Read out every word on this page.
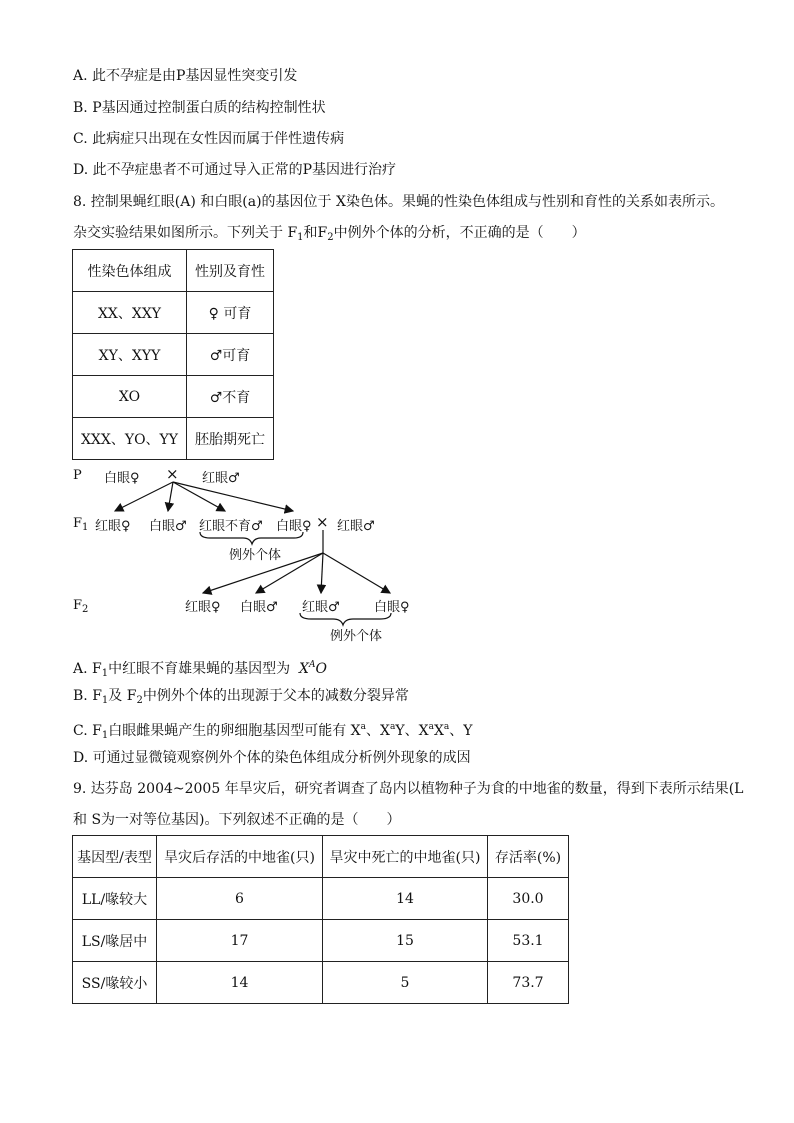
A. 此不孕症是由P基因显性突变引发
B. P基因通过控制蛋白质的结构控制性状
C. 此病症只出现在女性因而属于伴性遗传病
D. 此不孕症患者不可通过导入正常的P基因进行治疗
8. 控制果蝇红眼(A) 和白眼(a)的基因位于 X染色体。果蝇的性染色体组成与性别和育性的关系如表所示。
杂交实验结果如图所示。下列关于 $F_1$和$F_2$中例外个体的分析，不正确的是（　　）
性染色体组成	性别及育性
XX、XXY	♀ 可育
XY、XYY	♂可育
XO	♂不育
XXX、YO、YY	胚胎期死亡
P 白眼♀ × 红眼♂
$F_1$ 红眼♀ 白眼♂ 红眼不育♂ 白眼♀ × 红眼♂
例外个体
$F_2$	红眼♀ 白眼♂ 红眼♂	白眼♀
例外个体
A. $F_1$中红眼不育雄果蝇的基因型为 $X^AO$
B. $F_1$及 $F_2$中例外个体的出现源于父本的减数分裂异常
C. $F_1$白眼雌果蝇产生的卵细胞基因型可能有 $X^a$、$X^aY$、$X^aX^a$、Y
D. 可通过显微镜观察例外个体的染色体组成分析例外现象的成因
9. 达芬岛 2004~2005 年旱灾后，研究者调查了岛内以植物种子为食的中地雀的数量，得到下表所示结果(L
和 S为一对等位基因)。下列叙述不正确的是（　　）
基因型/表型	旱灾后存活的中地雀(只)	旱灾中死亡的中地雀(只)	存活率(%)
LL/喙较大	6	14	30.0
LS/喙居中	17	15	53.1
SS/喙较小	14	5	73.7
